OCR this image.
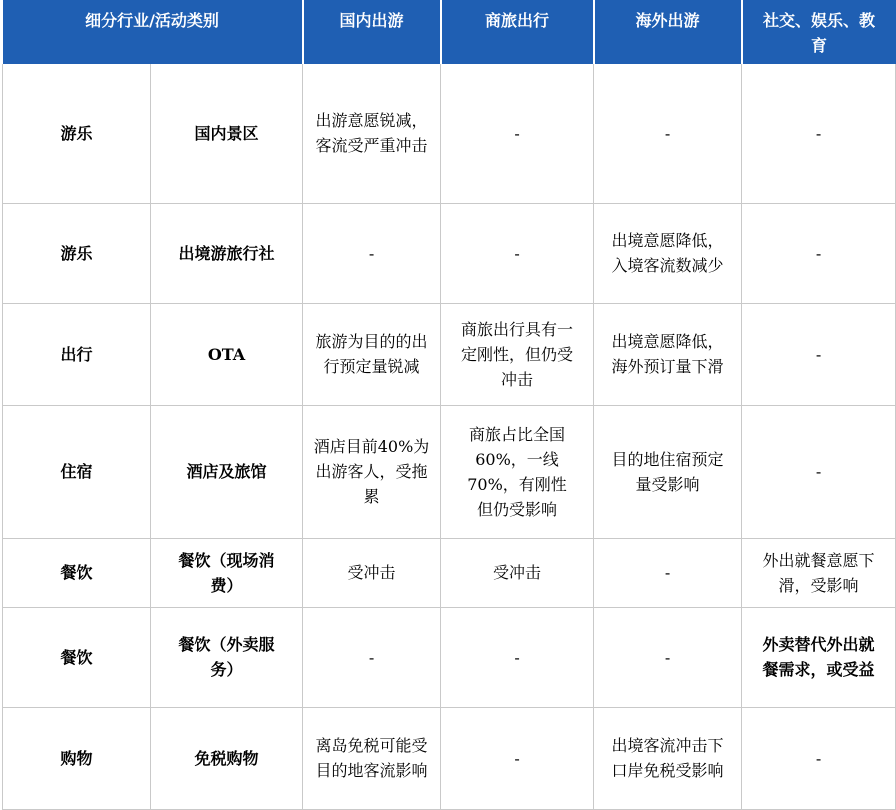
细分行业/活动类别		国内出游	商旅出行	海外出游	社交、娱乐、教育
游乐	国内景区	出游意愿锐减，客流受严重冲击	-	-	-
游乐	出境游旅行社	-	-	出境意愿降低，入境客流数减少	-
出行	OTA	旅游为目的的出行预定量锐减	商旅出行具有一定刚性，但仍受冲击	出境意愿降低，海外预订量下滑	-
住宿	酒店及旅馆	酒店目前40%为出游客人，受拖累	商旅占比全国60%，一线70%，有刚性但仍受影响	目的地住宿预定量受影响	-
餐饮	餐饮（现场消费）	受冲击	受冲击	-	外出就餐意愿下滑，受影响
餐饮	餐饮（外卖服务）	-	-	-	外卖替代外出就餐需求，或受益
购物	免税购物	离岛免税可能受目的地客流影响	-	出境客流冲击下口岸免税受影响	-
